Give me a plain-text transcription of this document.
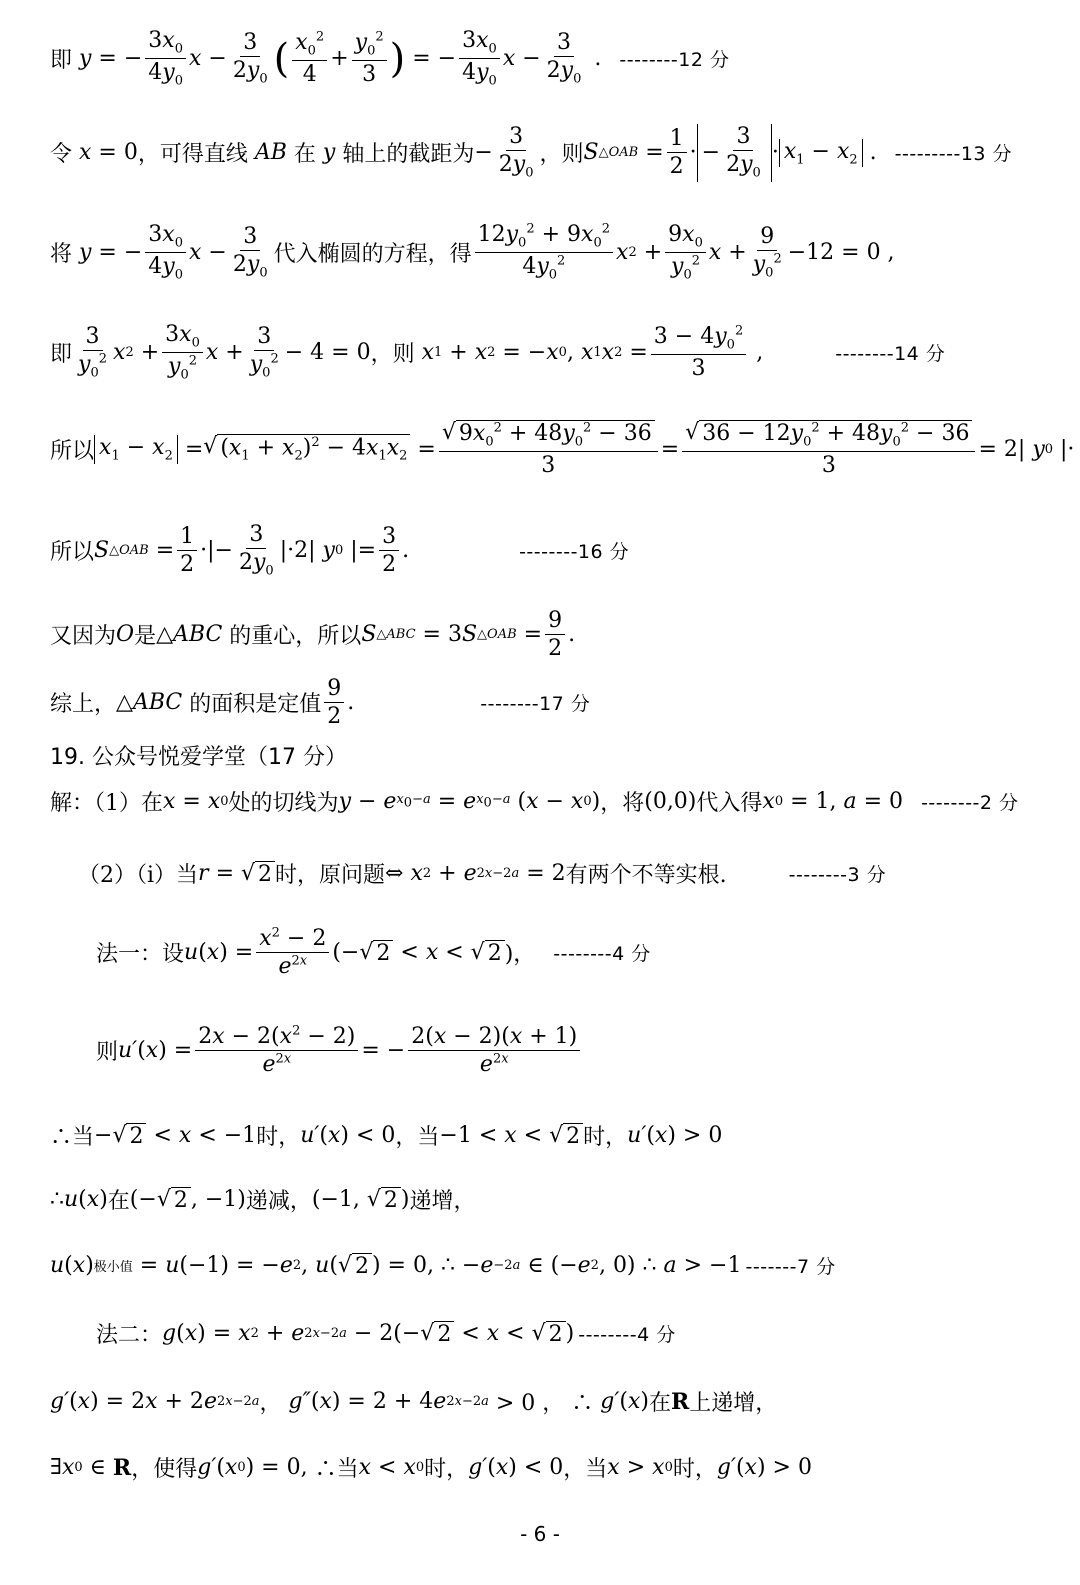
即 y = − $\frac{3x_0}{4y_0}$ $x - \frac{3}{2y_0}$ ( $\frac{x_0^2}{4} + \frac{y_0^2}{3}$ ) = − $\frac{3x_0}{4y_0}$ $x - \frac{3}{2y_0}$ . --------12 分
令 x = 0 ，可得直线 AB 在 y 轴上的截距为 − $\frac{3}{2y_0}$ ，则 S △OAB = $\frac{1}{2}$ · − $\frac{3}{2y_0} \cdot x_1 - x_2$ . ---------13 分
将 y = − $\frac{3x_0}{4y_0}$ $x - \frac{3}{2y_0}$ 代入椭圆的方程，得 $\frac{12y_0^2 + 9x_0^2}{4y_0^2}$ x $2 + \frac{9x_0}{y_0^2}$ $x + \frac{9}{y_0^2} -12 = 0$ ,
即 $\frac{3}{y_0^2}$ x $2 + \frac{3x_0}{y_0^2}$ $x + \frac{3}{y_0^2} - 4 = 0$ ，则 x 1 + x 2 = − x 0 , x 1 x $2 = \frac{3 - 4y_0^2}{3}$ ,	--------14 分
所以 $x_1 - x_2$ = √ $(x_1 + x_2)^2 - 4x_1x_2 = \frac{√ 9x_0^2 + 48y_0^2 - 36}{3} = \frac{√ 36 - 12y_0^2 + 48y_0^2 - 36}{3} = 2|$ y 0 |·
所以 S △OAB = $\frac{1}{2}$ ·|− $\frac{3}{2y_0} |\cdot 2|$ y 0 |= $\frac{3}{2}$ .	--------16 分
又因为 O 是 △ ABC
的重心，所以 S △ABC = 3 S △OAB = $\frac{9}{2}$ .
综上， △ ABC
的面积是定值 $\frac{9}{2}$ .	--------17 分
19. 公众号悦爱学堂（17 分）
解：（1）在 x = x 0 处的切线为 y − e $x_0-a = e$ $x_0-a$ ( x − x 0 ) ，将 (0,0) 代入得 x 0 = 1, a = 0 --------2 分
（2）（i）当 r = √ 2 时，原问题 ⇔ x 2 + e 2x−2a = 2 有两个不等实根.	--------3 分
法一：设 u ( x ) = $\frac{x^2 - 2}{e^{2x}}$ (− √ 2 < x < √ 2 )， --------4 分
则 u′ ( x ) = $\frac{2x - 2(x^2 - 2)}{e^{2x}}$ = − $\frac{2(x - 2)(x + 1)}{e^{2x}}$
∴当 − √ 2 < x < −1 时， u′ ( x ) < 0 ，当 −1 < x < √ 2 时， u′ ( x ) > 0
∴ u ( x ) 在 (− √ 2 , −1) 递减， (−1, √ 2 ) 递增，
u ( x ) 极小值 = u (−1) = − e 2 , u ( √ 2 ) = 0, ∴ − e −2a ∈ (− e 2 , 0) ∴ a > −1 -------7 分
法二： g ( x ) = x 2 + e 2x−2a − 2(− √ 2 < x < √ 2 ) --------4 分
g′ ( x ) = 2 x + 2 e 2x−2a ， g″ ( x ) = 2 + 4 e 2x−2a > 0 ， ∴ g′ ( x ) 在 R 上递增，
∃ x 0 ∈ R ，使得 g′ ( x 0 ) = 0, ∴当 x < x 0 时， g′ ( x ) < 0 ，当 x > x 0 时， g′ ( x ) > 0
- 6 -
